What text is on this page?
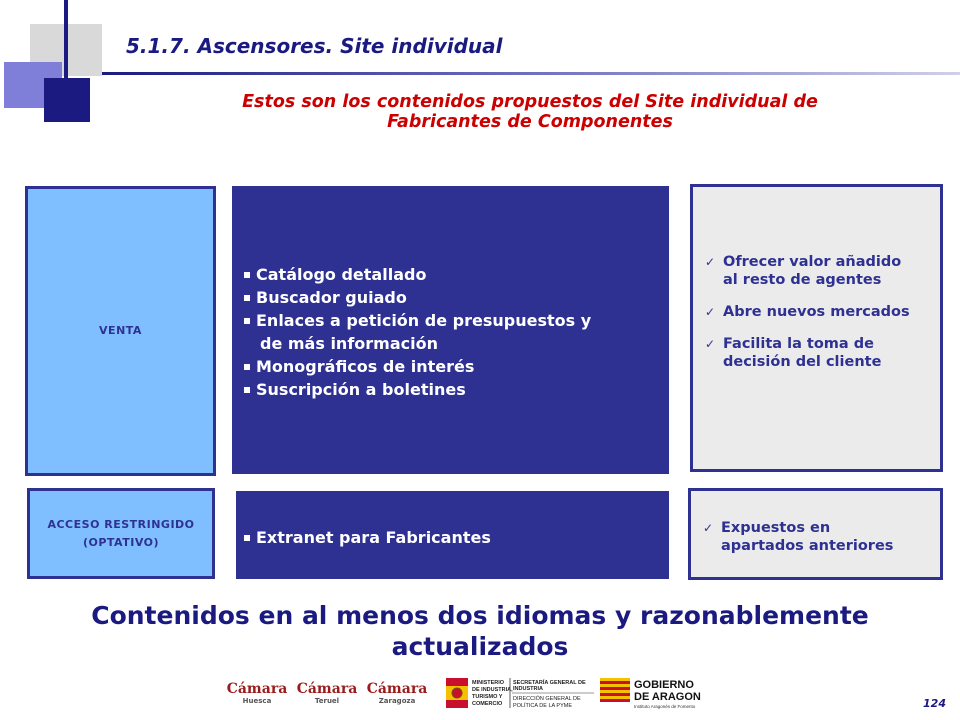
5.1.7. Ascensores. Site individual
Estos son los contenidos propuestos del Site individual de
Fabricantes de Componentes
VENTA
Catálogo detallado
Buscador guiado
Enlaces a petición de presupuestos y
de más información
Monográficos de interés
Suscripción a boletines
✓ Ofrecer valor añadido
al resto de agentes
✓ Abre nuevos mercados
✓ Facilita la toma de
decisión del cliente
ACCESO RESTRINGIDO
(OPTATIVO)	Extranet para Fabricantes
✓	Expuestos en
apartados anteriores
Contenidos en al menos dos idiomas y razonablemente
actualizados
Cámara
Huesca
Cámara
Teruel
Cámara
Zaragoza
MINISTERIO
DE INDUSTRIA,
TURISMO Y
COMERCIO
SECRETARÍA GENERAL DE
INDUSTRIA
DIRECCIÓN GENERAL DE
POLÍTICA DE LA PYME
GOBIERNO
DE ARAGON
Instituto Aragonés de Fomento	124
